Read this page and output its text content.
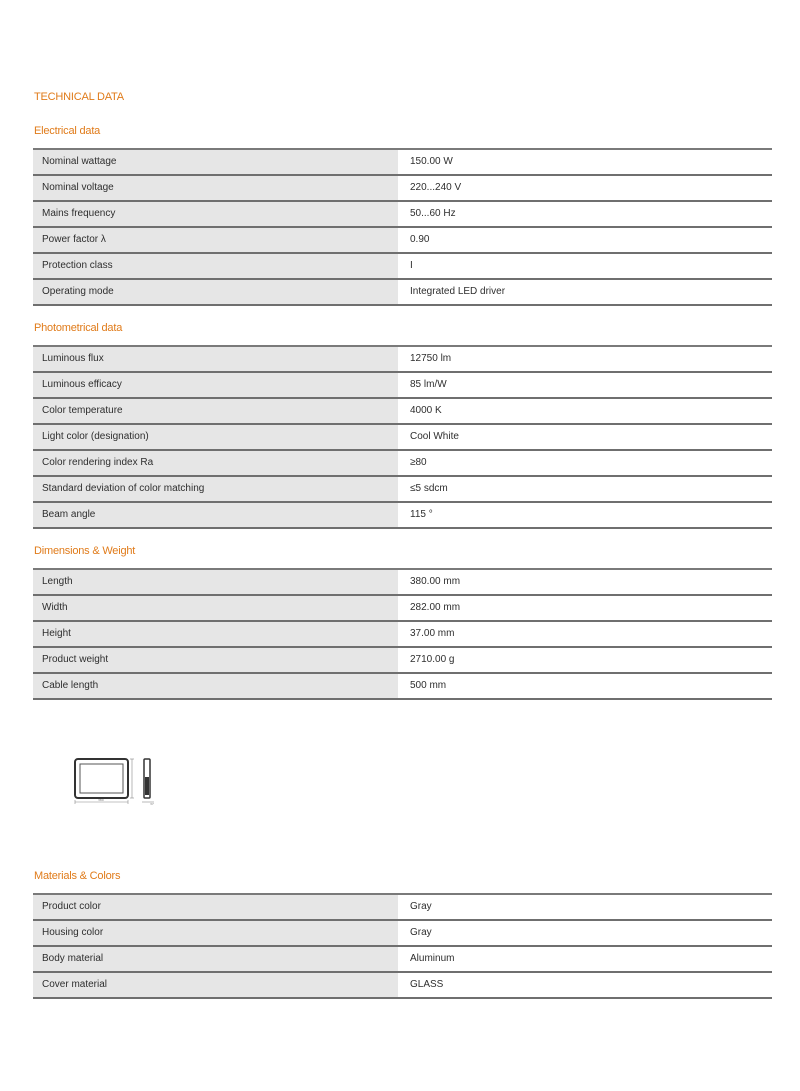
TECHNICAL DATA
Electrical data
Nominal wattage	150.00 W
Nominal voltage	220...240 V
Mains frequency	50...60 Hz
Power factor λ	0.90
Protection class	I
Operating mode	Integrated LED driver
Photometrical data
Luminous flux	12750 lm
Luminous efficacy	85 lm/W
Color temperature	4000 K
Light color (designation)	Cool White
Color rendering index Ra	≥80
Standard deviation of color matching	≤5 sdcm
Beam angle	115 °
Dimensions & Weight
Length	380.00 mm
Width	282.00 mm
Height	37.00 mm
Product weight	2710.00 g
Cable length	500 mm
380
37
Materials & Colors
Product color	Gray
Housing color	Gray
Body material	Aluminum
Cover material	GLASS
